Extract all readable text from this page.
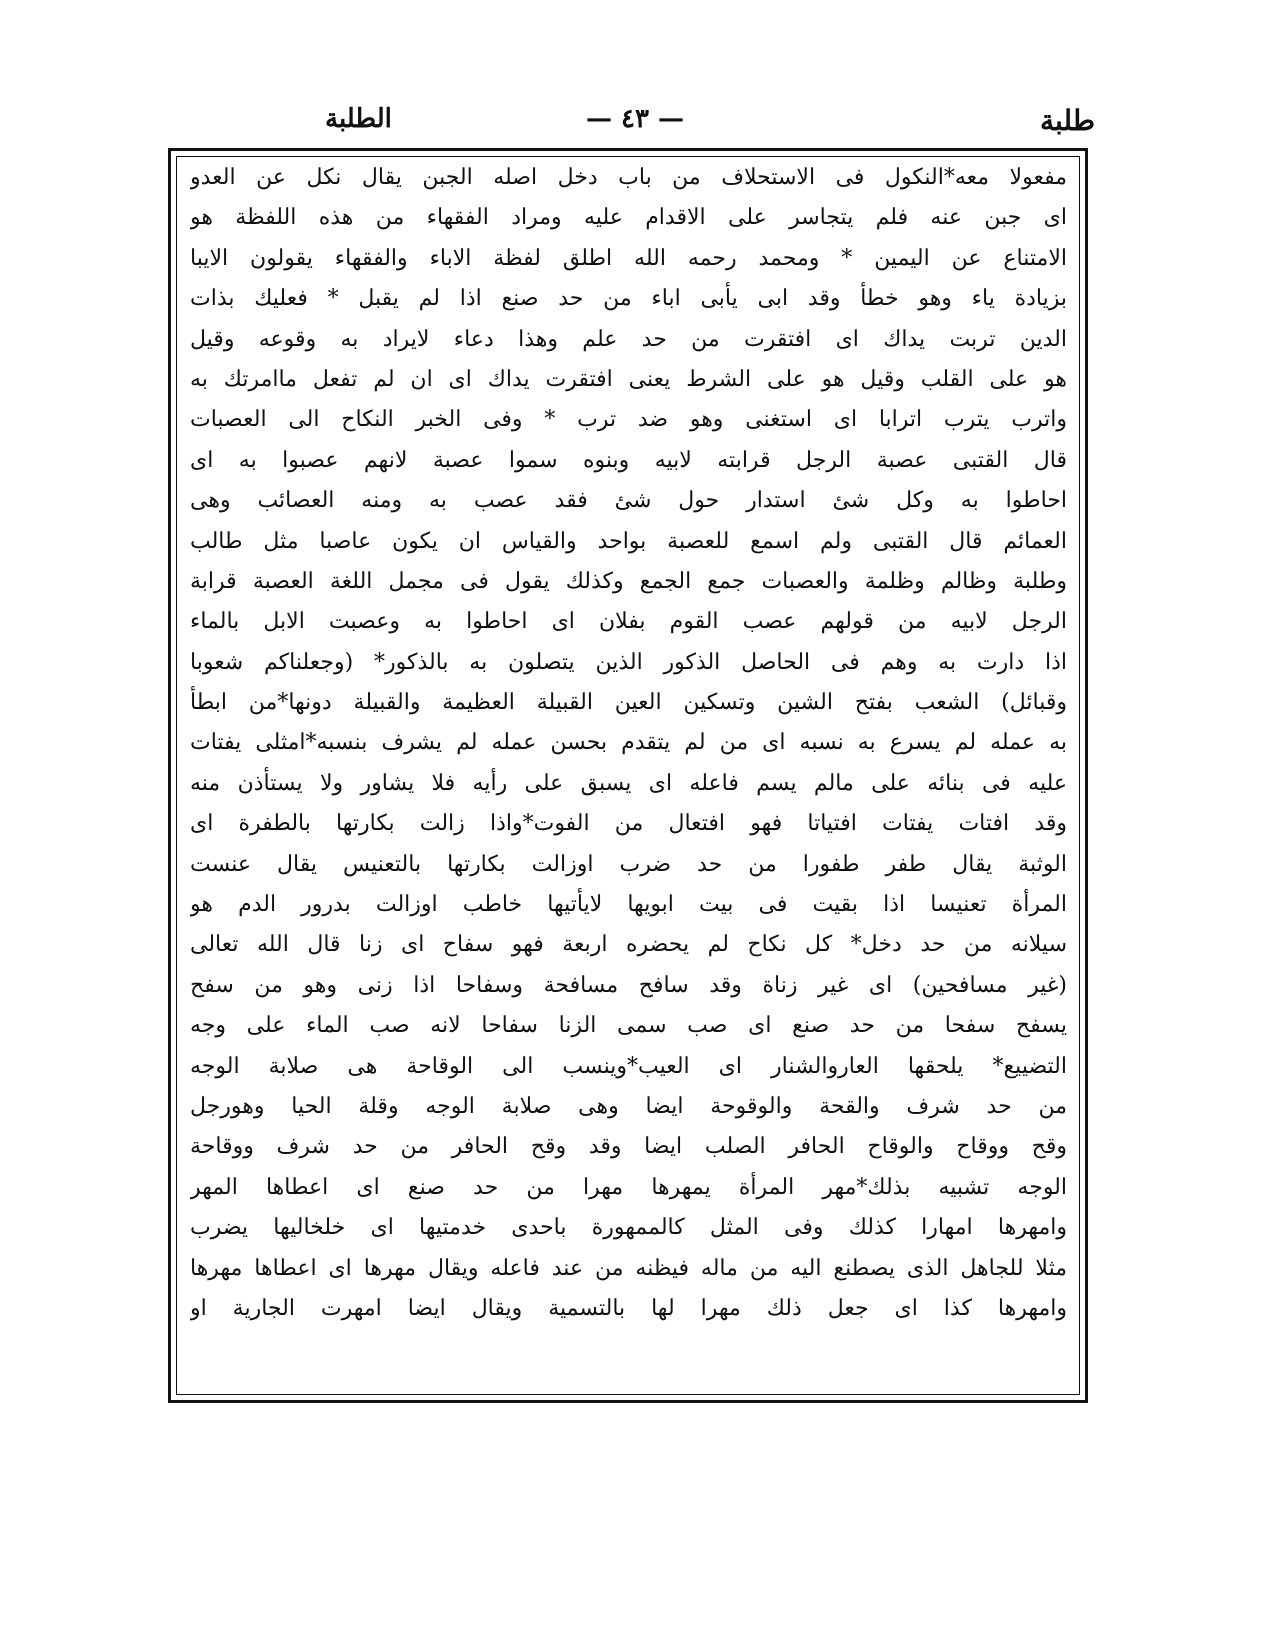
طلبة
— ٤٣ —
الطلبة
مفعولا معه*النكول فى الاستحلاف من باب دخل اصله الجبن يقال نكل عن العدو
اى جبن عنه فلم يتجاسر على الاقدام عليه ومراد الفقهاء من هذه اللفظة هو
الامتناع عن اليمين * ومحمد رحمه الله اطلق لفظة الاباء والفقهاء يقولون الايبا
بزيادة ياء وهو خطأ وقد ابى يأبى اباء من حد صنع اذا لم يقبل * فعليك بذات
الدين تربت يداك اى افتقرت من حد علم وهذا دعاء لايراد به وقوعه وقيل
هو على القلب وقيل هو على الشرط يعنى افتقرت يداك اى ان لم تفعل ماامرتك به
واترب يترب اترابا اى استغنى وهو ضد ترب * وفى الخبر النكاح الى العصبات
قال القتبى عصبة الرجل قرابته لابيه وبنوه سموا عصبة لانهم عصبوا به اى
احاطوا به وكل شئ استدار حول شئ فقد عصب به ومنه العصائب وهى
العمائم قال القتبى ولم اسمع للعصبة بواحد والقياس ان يكون عاصبا مثل طالب
وطلبة وظالم وظلمة والعصبات جمع الجمع وكذلك يقول فى مجمل اللغة العصبة قرابة
الرجل لابيه من قولهم عصب القوم بفلان اى احاطوا به وعصبت الابل بالماء
اذا دارت به وهم فى الحاصل الذكور الذين يتصلون به بالذكور* (وجعلناكم شعوبا
وقبائل) الشعب بفتح الشين وتسكين العين القبيلة العظيمة والقبيلة دونها*من ابطأ
به عمله لم يسرع به نسبه اى من لم يتقدم بحسن عمله لم يشرف بنسبه*امثلى يفتات
عليه فى بنائه على مالم يسم فاعله اى يسبق على رأيه فلا يشاور ولا يستأذن منه
وقد افتات يفتات افتياتا فهو افتعال من الفوت*واذا زالت بكارتها بالطفرة اى
الوثبة يقال طفر طفورا من حد ضرب اوزالت بكارتها بالتعنيس يقال عنست
المرأة تعنيسا اذا بقيت فى بيت ابويها لايأتيها خاطب اوزالت بدرور الدم هو
سيلانه من حد دخل* كل نكاح لم يحضره اربعة فهو سفاح اى زنا قال الله تعالى
(غير مسافحين) اى غير زناة وقد سافح مسافحة وسفاحا اذا زنى وهو من سفح
يسفح سفحا من حد صنع اى صب سمى الزنا سفاحا لانه صب الماء على وجه
التضييع* يلحقها العاروالشنار اى العيب*وينسب الى الوقاحة هى صلابة الوجه
من حد شرف والقحة والوقوحة ايضا وهى صلابة الوجه وقلة الحيا وهورجل
وقح ووقاح والوقاح الحافر الصلب ايضا وقد وقح الحافر من حد شرف ووقاحة
الوجه تشبيه بذلك*مهر المرأة يمهرها مهرا من حد صنع اى اعطاها المهر
وامهرها امهارا كذلك وفى المثل كالممهورة باحدى خدمتيها اى خلخاليها يضرب
مثلا للجاهل الذى يصطنع اليه من ماله فيظنه من عند فاعله ويقال مهرها اى اعطاها مهرها
وامهرها كذا اى جعل ذلك مهرا لها بالتسمية ويقال ايضا امهرت الجارية او
